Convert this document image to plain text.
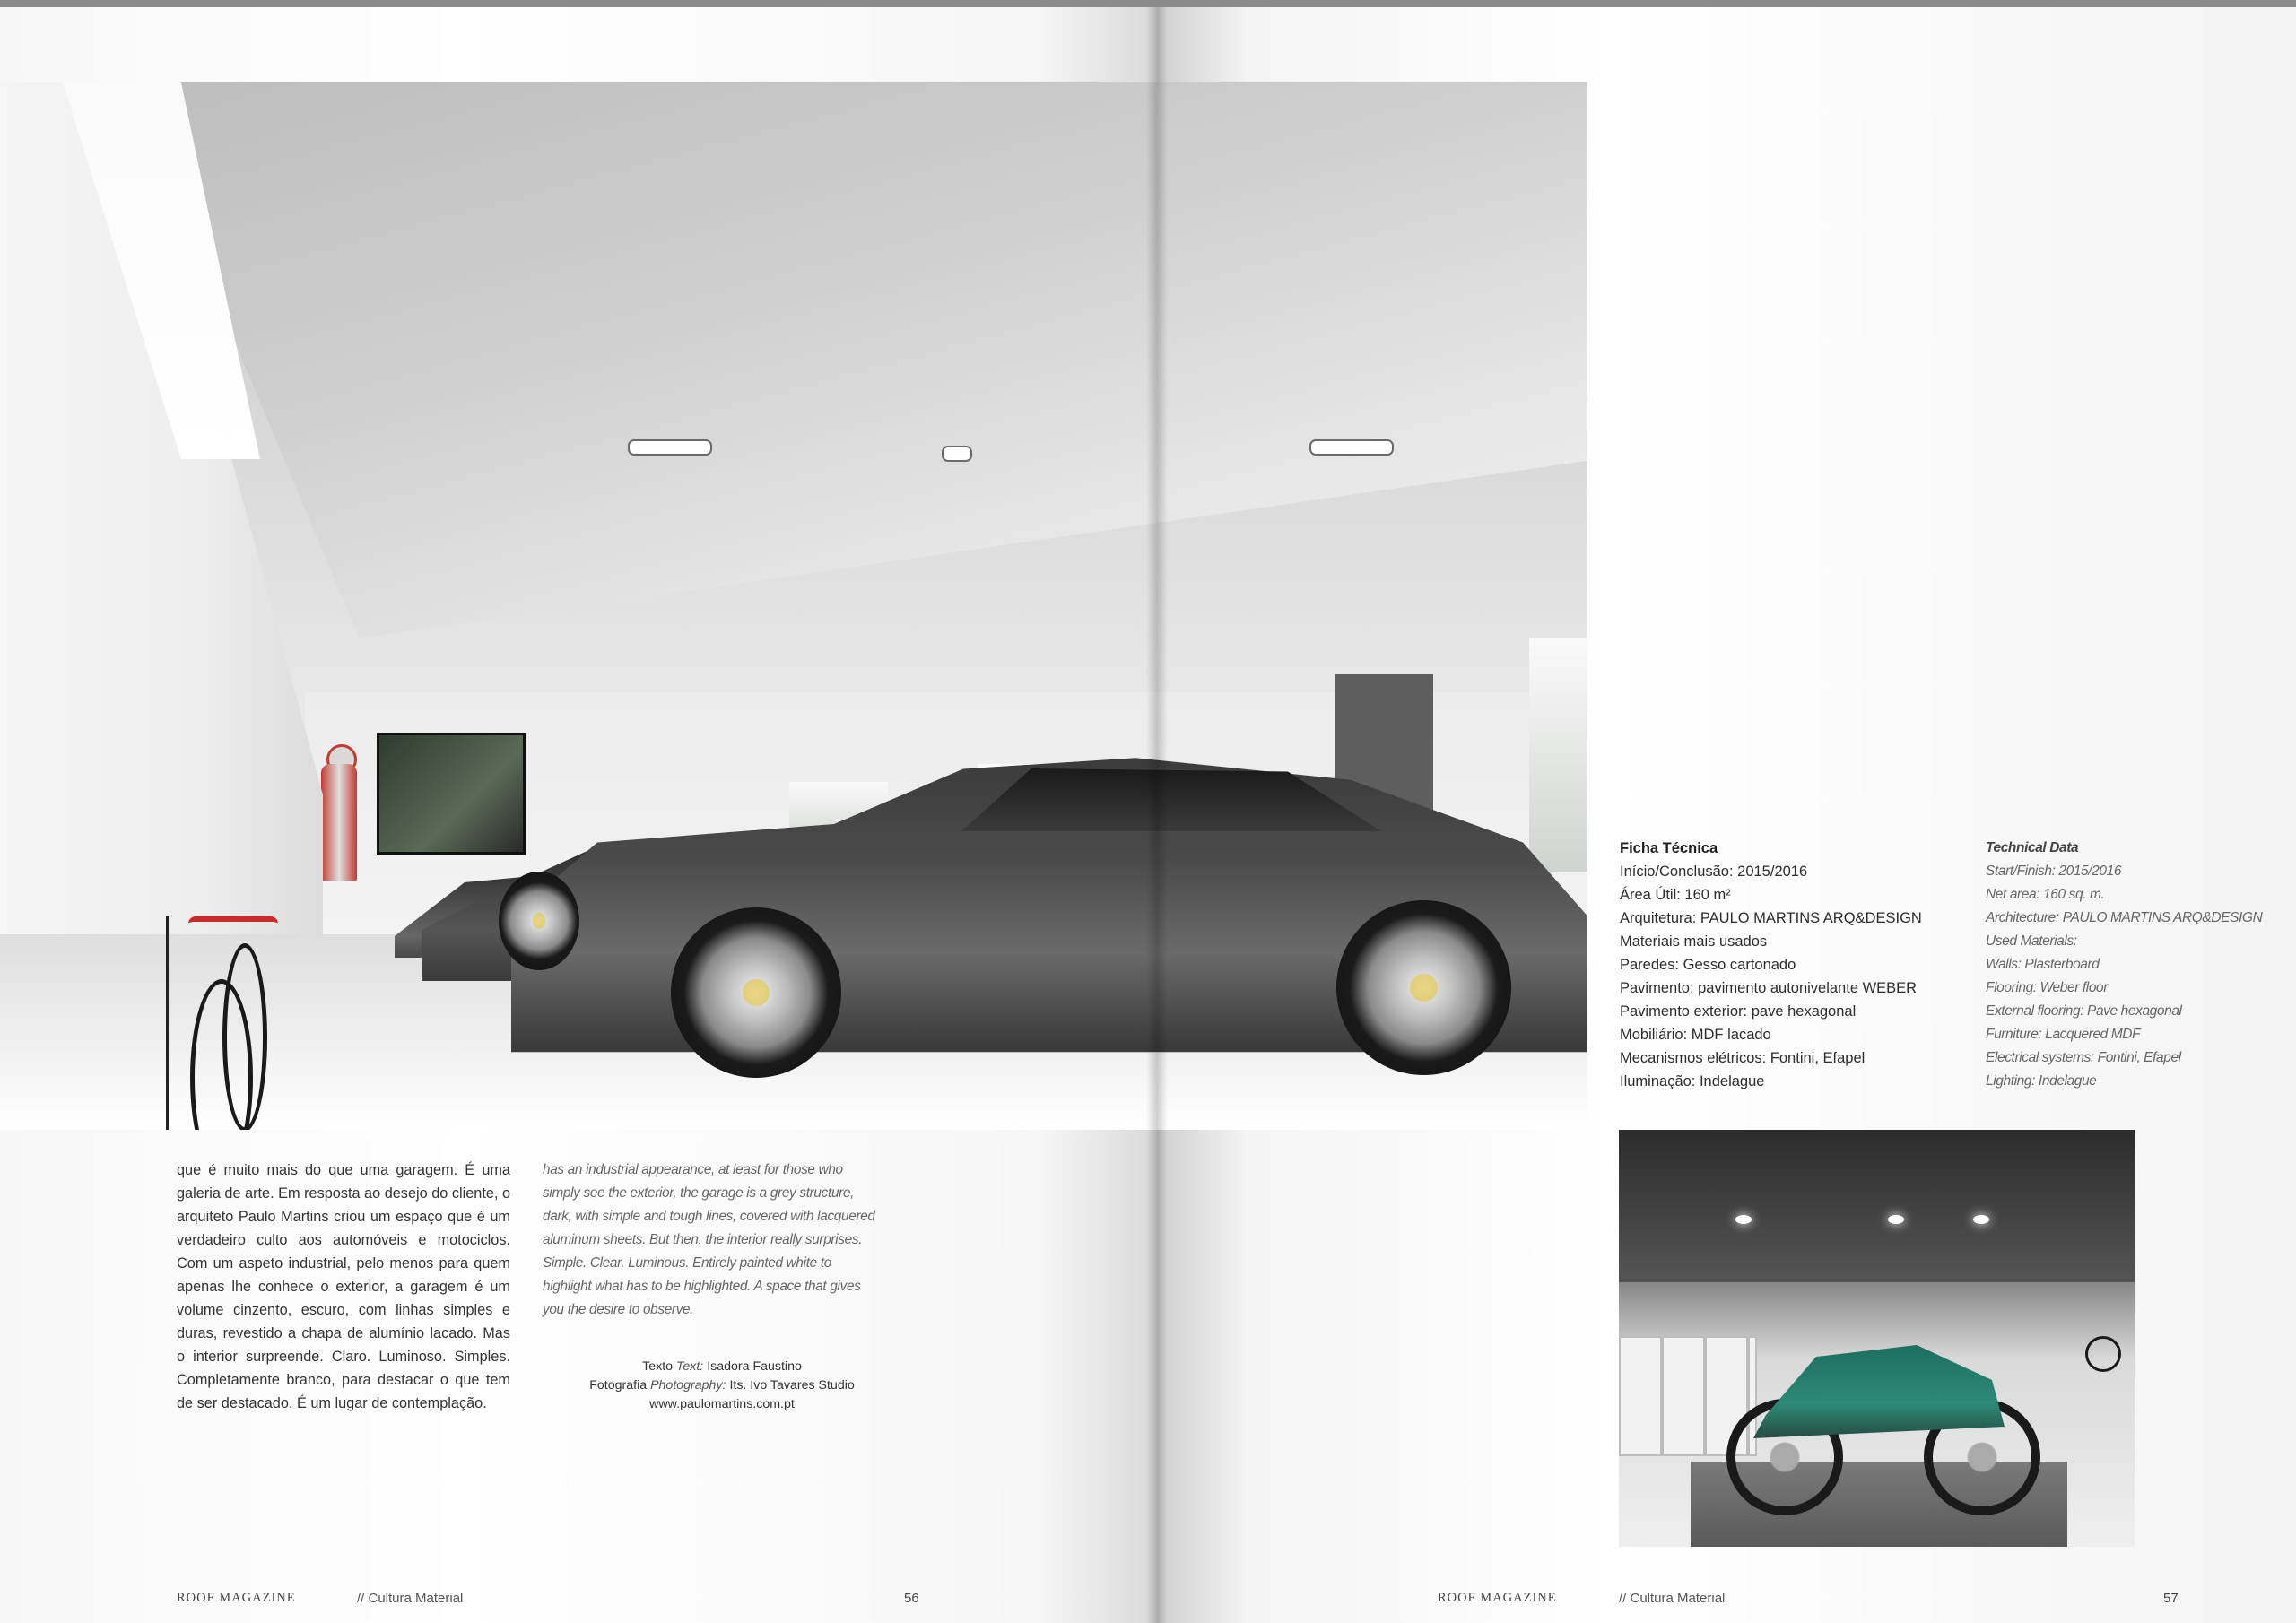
que é muito mais do que uma garagem. É uma galeria de arte. Em resposta ao desejo do cliente, o arquiteto Paulo Martins criou um espaço que é um verdadeiro culto aos automóveis e motociclos. Com um aspeto industrial, pelo menos para quem apenas lhe conhece o exterior, a garagem é um volume cinzento, escuro, com linhas simples e duras, revestido a chapa de alumínio lacado. Mas o interior surpreende. Claro. Luminoso. Simples. Completamente branco, para destacar o que tem de ser destacado. É um lugar de contemplação.
has an industrial appearance, at least for those who simply see the exterior, the garage is a grey structure, dark, with simple and tough lines, covered with lacquered aluminum sheets. But then, the interior really surprises. Simple. Clear. Luminous. Entirely painted white to highlight what has to be highlighted. A space that gives you the desire to observe.
Texto Text: Isadora Faustino
Fotografia Photography: Its. Ivo Tavares Studio
www.paulomartins.com.pt
Ficha Técnica
Início/Conclusão: 2015/2016
Área Útil: 160 m²
Arquitetura: PAULO MARTINS ARQ&DESIGN
Materiais mais usados
Paredes: Gesso cartonado
Pavimento: pavimento autonivelante WEBER
Pavimento exterior: pave hexagonal
Mobiliário: MDF lacado
Mecanismos elétricos: Fontini, Efapel
Iluminação: Indelague
Technical Data
Start/Finish: 2015/2016
Net area: 160 sq. m.
Architecture: PAULO MARTINS ARQ&DESIGN
Used Materials:
Walls: Plasterboard
Flooring: Weber floor
External flooring: Pave hexagonal
Furniture: Lacquered MDF
Electrical systems: Fontini, Efapel
Lighting: Indelague
ROOF MAGAZINE	// Cultura Material	56	ROOF MAGAZINE	// Cultura Material	57
